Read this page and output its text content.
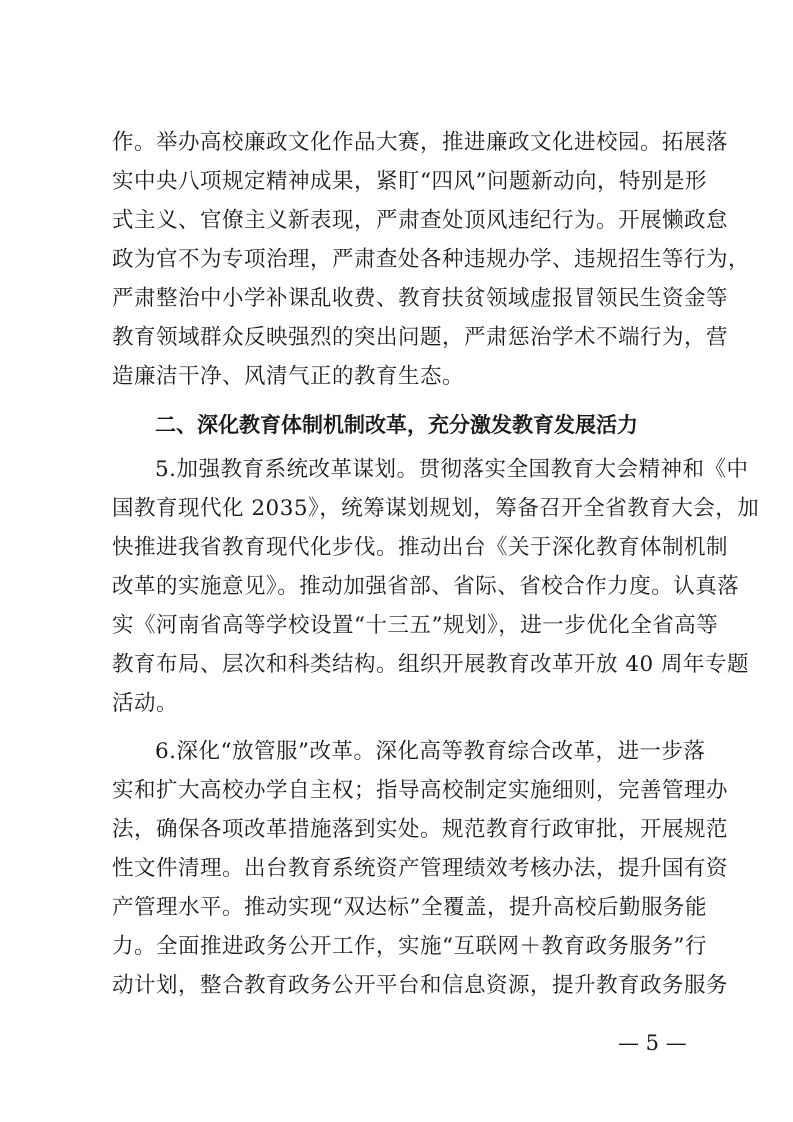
作。举办高校廉政文化作品大赛，推进廉政文化进校园。拓展落
实中央八项规定精神成果，紧盯“四风”问题新动向，特别是形
式主义、官僚主义新表现，严肃查处顶风违纪行为。开展懒政怠
政为官不为专项治理，严肃查处各种违规办学、违规招生等行为，
严肃整治中小学补课乱收费、教育扶贫领域虚报冒领民生资金等
教育领域群众反映强烈的突出问题，严肃惩治学术不端行为，营
造廉洁干净、风清气正的教育生态。
二、深化教育体制机制改革，充分激发教育发展活力
5.加强教育系统改革谋划。贯彻落实全国教育大会精神和《中
国教育现代化 2035》，统筹谋划规划，筹备召开全省教育大会，加
快推进我省教育现代化步伐。推动出台《关于深化教育体制机制
改革的实施意见》。推动加强省部、省际、省校合作力度。认真落
实《河南省高等学校设置“十三五”规划》，进一步优化全省高等
教育布局、层次和科类结构。组织开展教育改革开放 40 周年专题
活动。
6.深化“放管服”改革。深化高等教育综合改革，进一步落
实和扩大高校办学自主权；指导高校制定实施细则，完善管理办
法，确保各项改革措施落到实处。规范教育行政审批，开展规范
性文件清理。出台教育系统资产管理绩效考核办法，提升国有资
产管理水平。推动实现“双达标”全覆盖，提升高校后勤服务能
力。全面推进政务公开工作，实施“互联网＋教育政务服务”行
动计划，整合教育政务公开平台和信息资源，提升教育政务服务
— 5 —
